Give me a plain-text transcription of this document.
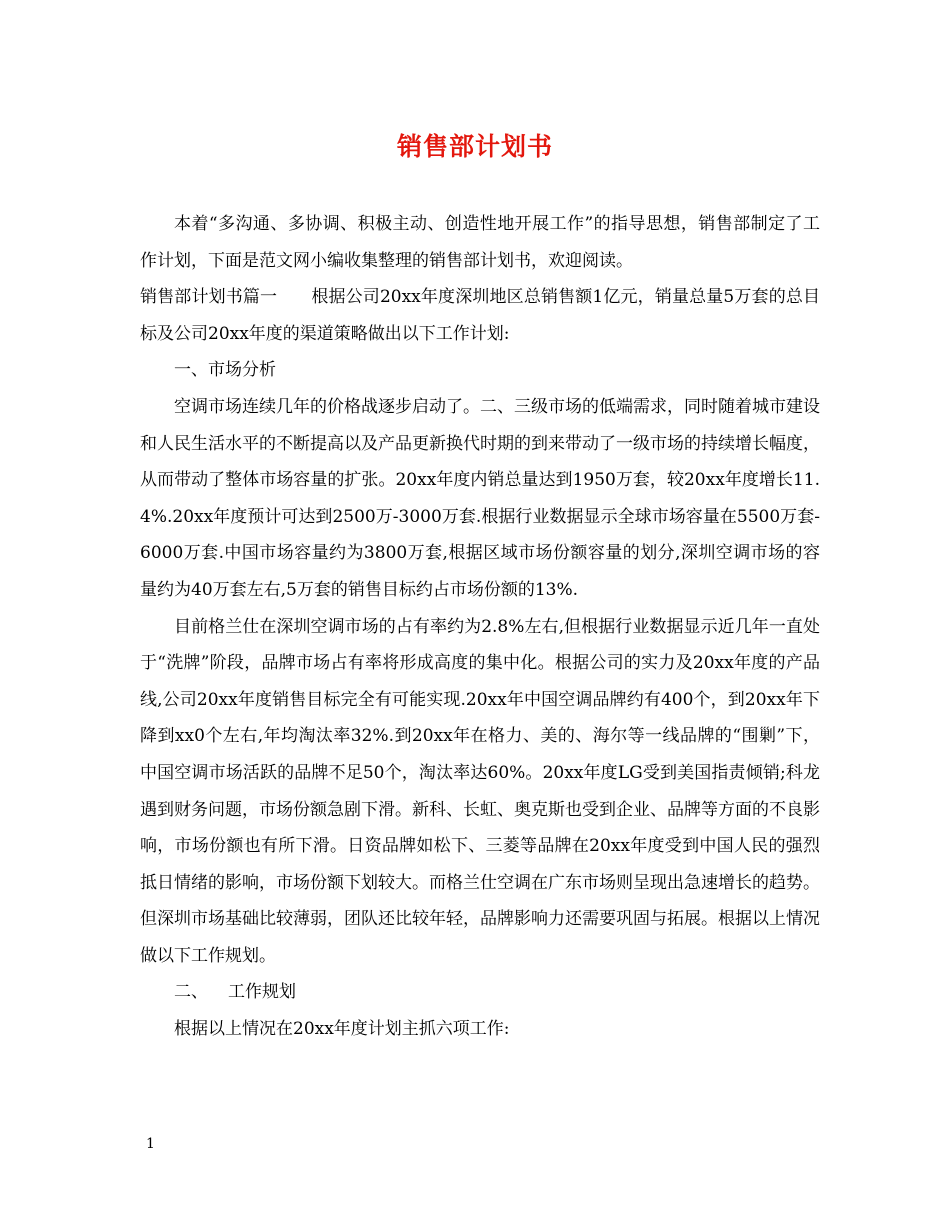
销售部计划书

本着“多沟通、多协调、积极主动、创造性地开展工作”的指导思想，销售部制定了工作计划，下面是范文网小编收集整理的销售部计划书，欢迎阅读。

销售部计划书篇一 根据公司20xx年度深圳地区总销售额1亿元，销量总量5万套的总目标及公司20xx年度的渠道策略做出以下工作计划:

一、市场分析

空调市场连续几年的价格战逐步启动了。二、三级市场的低端需求，同时随着城市建设和人民生活水平的不断提高以及产品更新换代时期的到来带动了一级市场的持续增长幅度，从而带动了整体市场容量的扩张。20xx年度内销总量达到1950万套，较20xx年度增长11.4%.20xx年度预计可达到2500万-3000万套.根据行业数据显示全球市场容量在5500万套-6000万套.中国市场容量约为3800万套,根据区域市场份额容量的划分,深圳空调市场的容量约为40万套左右,5万套的销售目标约占市场份额的13%.

目前格兰仕在深圳空调市场的占有率约为2.8%左右,但根据行业数据显示近几年一直处于“洗牌”阶段，品牌市场占有率将形成高度的集中化。根据公司的实力及20xx年度的产品线,公司20xx年度销售目标完全有可能实现.20xx年中国空调品牌约有400个，到20xx年下降到xx0个左右,年均淘汰率32%.到20xx年在格力、美的、海尔等一线品牌的“围剿”下，中国空调市场活跃的品牌不足50个，淘汰率达60%。20xx年度LG受到美国指责倾销;科龙遇到财务问题，市场份额急剧下滑。新科、长虹、奥克斯也受到企业、品牌等方面的不良影响，市场份额也有所下滑。日资品牌如松下、三菱等品牌在20xx年度受到中国人民的强烈抵日情绪的影响，市场份额下划较大。而格兰仕空调在广东市场则呈现出急速增长的趋势。但深圳市场基础比较薄弱，团队还比较年轻，品牌影响力还需要巩固与拓展。根据以上情况做以下工作规划。

二、 工作规划

根据以上情况在20xx年度计划主抓六项工作:

1
